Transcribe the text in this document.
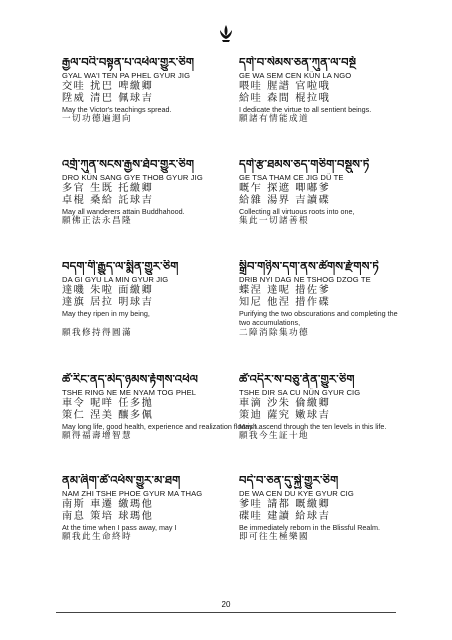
རྒྱལ་བའི་བསྟན་པ་འཕེལ་གྱུར་ཅིག
GYAL WA'I TEN PA PHEL GYUR JIG
交哇 扰巴 啤繳卿
陞威 清巴 佩球吉
May the Victor's teachings spread.
一切功德遍迴向
འགྲོ་ཀུན་སངས་རྒྱས་ཐོབ་གྱུར་ཅིག
DRO KÜN SANG GYE THOB GYUR JIG
多官 生既 托繳卿
卓棍 桑給 託球吉
May all wanderers attain Buddhahood.
願佛正法永昌隆
བདག་གི་རྒྱུད་ལ་སྨིན་གྱུར་ཅིག
DA GI GYU LA MIN GYUR JIG
達嘰 朱啦 面繳卿
達旗 居拉 明球吉
May they ripen in my being,
願我修持得圓滿
ཚེ་རིང་ནད་མེད་ཉམས་རྟོགས་འཕེལ
TSHE RING NE ME NYAM TOG PHEL
車令 呢咩 任多拋
策仁 涅美 釀多佩
May long life, good health, experience and realization flourish.
願得福壽增智慧
ནམ་ཞིག་ཚེ་འཕོས་གྱུར་མ་ཐག
NAM ZHI TSHE PHOE GYUR MA THAG
南斯 車遷 繳瑪他
南息 策培 球瑪他
At the time when I pass away, may I
願我此生命終時
དགེ་བ་སེམས་ཅན་ཀུན་ལ་བསྔོ
GE WA SEM CEN KÜN LA NGO
喂哇 腥譜 官啦哦
給哇 森間 棍拉哦
I dedicate the virtue to all sentient beings.
願諸有情能成道
དགེ་རྩ་ཐམས་ཅད་གཅིག་བསྡུས་ཏེ
GE TSA THAM CE JIG DÜ TE
嘅乍 探遮 唧嘟爹
給雜 湯界 吉讀碟
Collecting all virtuous roots into one,
集此一切諸善根
སྒྲིབ་གཉིས་དག་ནས་ཚོགས་རྫོགས་ཏེ
DRIB NYI DAG NE TSHOG DZOG TE
蝶涅 達呢 措佐爹
知尼 他涅 措作碟
Purifying the two obscurations and completing the
two accumulations,
二障消除集功德
ཚེ་འདིར་ས་བཅུ་ནོན་གྱུར་ཅིག
TSHE DIR SA CU NÜN GYUR CIG
車滴 沙朱 倫繳卿
策迪 薩究 嫩球吉
May I ascend through the ten levels in this life.
願我今生証十地
བདེ་བ་ཅན་དུ་སྐྱེ་གྱུར་ཅིག
DE WA CEN DU KYE GYUR CIG
爹哇 請都 嘅繳卿
碟哇 建讀 給球吉
Be immediately reborn in the Blissful Realm.
即可往生極樂國
20
